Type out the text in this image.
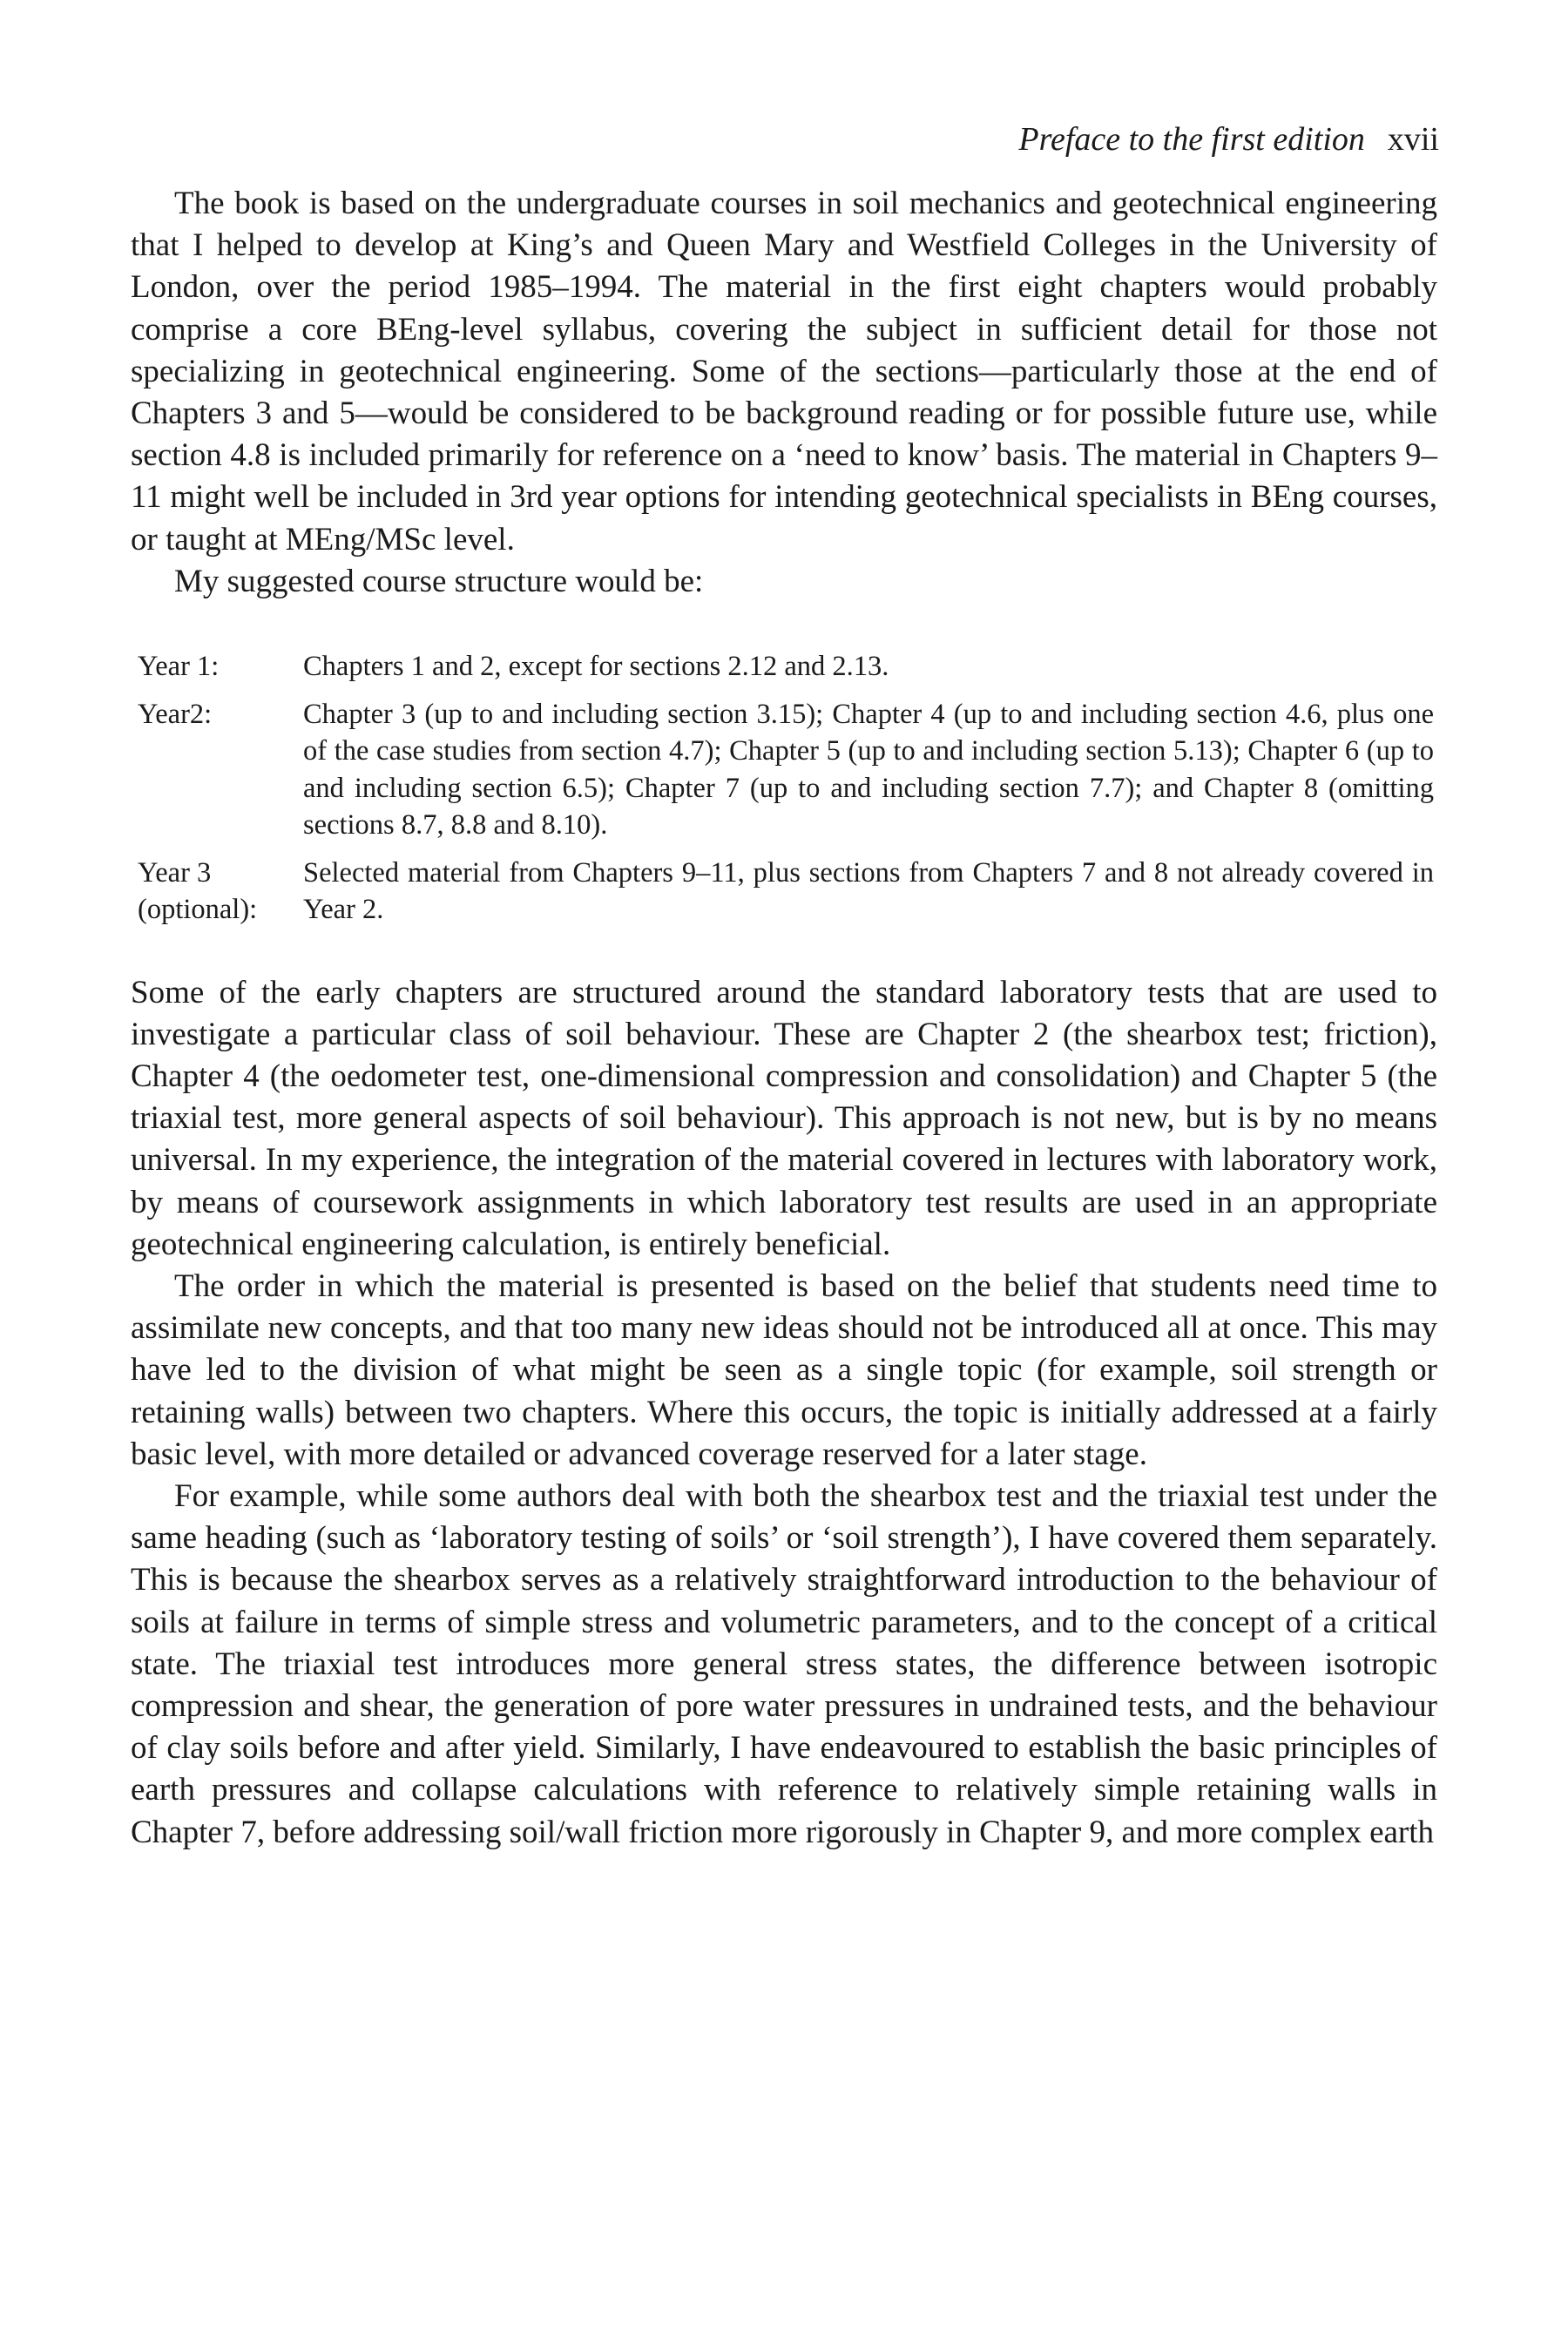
Preface to the first edition xvii

The book is based on the undergraduate courses in soil mechanics and geotechnical engineering that I helped to develop at King’s and Queen Mary and Westfield Colleges in the University of London, over the period 1985–1994. The material in the first eight chapters would probably comprise a core BEng-level syllabus, covering the subject in sufficient detail for those not specializing in geotechnical engineering. Some of the sections—particularly those at the end of Chapters 3 and 5—would be considered to be background reading or for possible future use, while section 4.8 is included primarily for reference on a ‘need to know’ basis. The material in Chapters 9–11 might well be included in 3rd year options for intending geotechnical specialists in BEng courses, or taught at MEng/MSc level.

My suggested course structure would be:

Year 1:	Chapters 1 and 2, except for sections 2.12 and 2.13.
Year2:	Chapter 3 (up to and including section 3.15); Chapter 4 (up to and including section 4.6, plus one of the case studies from section 4.7); Chapter 5 (up to and including section 5.13); Chapter 6 (up to and including section 6.5); Chapter 7 (up to and including section 7.7); and Chapter 8 (omitting sections 8.7, 8.8 and 8.10).
Year 3
(optional):
Selected material from Chapters 9–11, plus sections from Chapters 7 and 8 not already covered in Year 2.

Some of the early chapters are structured around the standard laboratory tests that are used to investigate a particular class of soil behaviour. These are Chapter 2 (the shearbox test; friction), Chapter 4 (the oedometer test, one-dimensional compression and consolidation) and Chapter 5 (the triaxial test, more general aspects of soil behaviour). This approach is not new, but is by no means universal. In my experience, the integration of the material covered in lectures with laboratory work, by means of coursework assignments in which laboratory test results are used in an appropriate geotechnical engineering calculation, is entirely beneficial.

The order in which the material is presented is based on the belief that students need time to assimilate new concepts, and that too many new ideas should not be introduced all at once. This may have led to the division of what might be seen as a single topic (for example, soil strength or retaining walls) between two chapters. Where this occurs, the topic is initially addressed at a fairly basic level, with more detailed or advanced coverage reserved for a later stage.

For example, while some authors deal with both the shearbox test and the triaxial test under the same heading (such as ‘laboratory testing of soils’ or ‘soil strength’), I have covered them separately. This is because the shearbox serves as a relatively straightforward introduction to the behaviour of soils at failure in terms of simple stress and volumetric parameters, and to the concept of a critical state. The triaxial test introduces more general stress states, the difference between isotropic compression and shear, the generation of pore water pressures in undrained tests, and the behaviour of clay soils before and after yield. Similarly, I have endeavoured to establish the basic principles of earth pressures and collapse calculations with reference to relatively simple retaining walls in Chapter 7, before addressing soil/wall friction more rigorously in Chapter 9, and more complex earth
